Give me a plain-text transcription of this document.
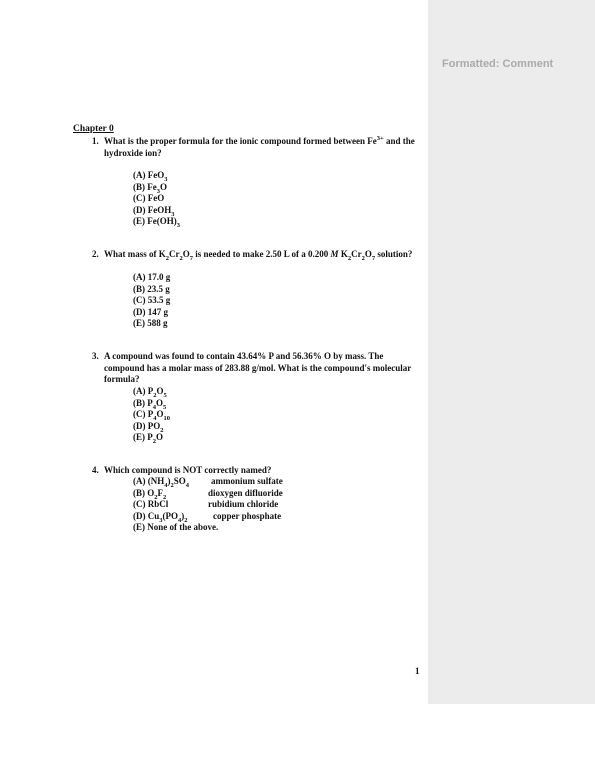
Formatted: Comment
Chapter 0
1. What is the proper formula for the ionic compound formed between $Fe^{3+}$ and the hydroxide ion?
(A) FeO$_3$
(B) $Fe_3O$
(C) FeO
(D) FeOH$_3$
(E) $Fe(OH)_3$
2. What mass of $K_2Cr_2O_7$ is needed to make 2.50 L of a 0.200 M $K_2Cr_2O_7$ solution?
(A) 17.0 g
(B) 23.5 g
(C) 53.5 g
(D) 147 g
(E) 588 g
3. A compound was found to contain 43.64% P and 56.36% O by mass. The compound has a molar mass of 283.88 g/mol. What is the compound's molecular formula?
(A) $P_2O_5$
(B) $P_4O_5$
(C) $P_4O_{10}$
(D) $PO_2$
(E) $P_2O$
4. Which compound is NOT correctly named?
(A) $(NH_4)_2SO_4$ ammonium sulfate
(B) $O_2F_2$	dioxygen difluoride
(C) RbCl	rubidium chloride
(D) $Cu_3(PO_4)_2$	copper phosphate
(E) None of the above.
1
